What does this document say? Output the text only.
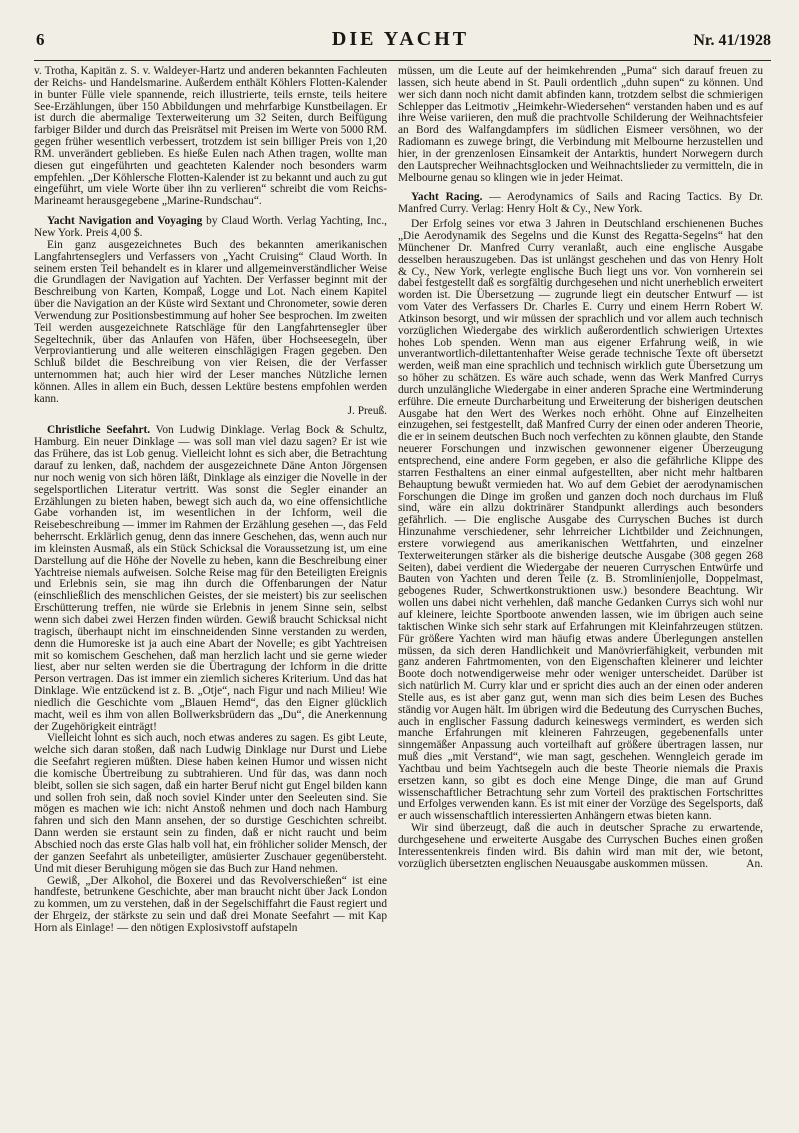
6	DIE YACHT	Nr. 41/1928

v. Trotha, Kapitän z. S. v. Waldeyer-Hartz und anderen bekannten Fachleuten der Reichs- und Handelsmarine. Außerdem enthält Köhlers Flotten-Kalender in bunter Fülle viele spannende, reich illustrierte, teils ernste, teils heitere See-Erzählungen, über 150 Abbildungen und mehrfarbige Kunstbeilagen. Er ist durch die abermalige Texterweiterung um 32 Seiten, durch Beifügung farbiger Bilder und durch das Preisrätsel mit Preisen im Werte von 5000 RM. gegen früher wesentlich verbessert, trotzdem ist sein billiger Preis von 1,20 RM. unverändert geblieben. Es hieße Eulen nach Athen tragen, wollte man diesen gut eingeführten und geachteten Kalender noch besonders warm empfehlen. „Der Köhlersche Flotten-Kalender ist zu bekannt und auch zu gut eingeführt, um viele Worte über ihn zu verlieren“ schreibt die vom Reichs-Marineamt herausgegebene „Marine-Rundschau“.

Yacht Navigation and Voyaging by Claud Worth. Verlag Yachting, Inc., New York. Preis 4,00 $.

Ein ganz ausgezeichnetes Buch des bekannten amerikanischen Langfahrtenseglers und Verfassers von „Yacht Cruising“ Claud Worth. In seinem ersten Teil behandelt es in klarer und allgemeinverständlicher Weise die Grundlagen der Navigation auf Yachten. Der Verfasser beginnt mit der Beschreibung von Karten, Kompaß, Logge und Lot. Nach einem Kapitel über die Navigation an der Küste wird Sextant und Chronometer, sowie deren Verwendung zur Positionsbestimmung auf hoher See besprochen. Im zweiten Teil werden ausgezeichnete Ratschläge für den Langfahrtensegler über Segeltechnik, über das Anlaufen von Häfen, über Hochseesegeln, über Verproviantierung und alle weiteren einschlägigen Fragen gegeben. Den Schluß bildet die Beschreibung von vier Reisen, die der Verfasser unternommen hat; auch hier wird der Leser manches Nützliche lernen können. Alles in allem ein Buch, dessen Lektüre bestens empfohlen werden kann.

J. Preuß.

Christliche Seefahrt. Von Ludwig Dinklage. Verlag Bock & Schultz, Hamburg. Ein neuer Dinklage — was soll man viel dazu sagen? Er ist wie das Frühere, das ist Lob genug. Vielleicht lohnt es sich aber, die Betrachtung darauf zu lenken, daß, nachdem der ausgezeichnete Däne Anton Jörgensen nur noch wenig von sich hören läßt, Dinklage als einziger die Novelle in der segelsportlichen Literatur vertritt. Was sonst die Segler einander an Erzählungen zu bieten haben, bewegt sich auch da, wo eine offensichtliche Gabe vorhanden ist, im wesentlichen in der Ichform, weil die Reisebeschreibung — immer im Rahmen der Erzählung gesehen —, das Feld beherrscht. Erklärlich genug, denn das innere Geschehen, das, wenn auch nur im kleinsten Ausmaß, als ein Stück Schicksal die Voraussetzung ist, um eine Darstellung auf die Höhe der Novelle zu heben, kann die Beschreibung einer Yachtreise niemals aufweisen. Solche Reise mag für den Beteiligten Ereignis und Erlebnis sein, sie mag ihn durch die Offenbarungen der Natur (einschließlich des menschlichen Geistes, der sie meistert) bis zur seelischen Erschütterung treffen, nie würde sie Erlebnis in jenem Sinne sein, selbst wenn sich dabei zwei Herzen finden würden. Gewiß braucht Schicksal nicht tragisch, überhaupt nicht im einschneidenden Sinne verstanden zu werden, denn die Humoreske ist ja auch eine Abart der Novelle; es gibt Yachtreisen mit so komischem Geschehen, daß man herzlich lacht und sie gerne wieder liest, aber nur selten werden sie die Übertragung der Ichform in die dritte Person vertragen. Das ist immer ein ziemlich sicheres Kriterium. Und das hat Dinklage. Wie entzückend ist z. B. „Otje“, nach Figur und nach Milieu! Wie niedlich die Geschichte vom „Blauen Hemd“, das den Eigner glücklich macht, weil es ihm von allen Bollwerksbrüdern das „Du“, die Anerkennung der Zugehörigkeit einträgt!

Vielleicht lohnt es sich auch, noch etwas anderes zu sagen. Es gibt Leute, welche sich daran stoßen, daß nach Ludwig Dinklage nur Durst und Liebe die Seefahrt regieren müßten. Diese haben keinen Humor und wissen nicht die komische Übertreibung zu subtrahieren. Und für das, was dann noch bleibt, sollen sie sich sagen, daß ein harter Beruf nicht gut Engel bilden kann und sollen froh sein, daß noch soviel Kinder unter den Seeleuten sind. Sie mögen es machen wie ich: nicht Anstoß nehmen und doch nach Hamburg fahren und sich den Mann ansehen, der so durstige Geschichten schreibt. Dann werden sie erstaunt sein zu finden, daß er nicht raucht und beim Abschied noch das erste Glas halb voll hat, ein fröhlicher solider Mensch, der der ganzen Seefahrt als unbeteiligter, amüsierter Zuschauer gegenübersteht. Und mit dieser Beruhigung mögen sie das Buch zur Hand nehmen.

Gewiß, „Der Alkohol, die Boxerei und das Revolverschießen“ ist eine handfeste, betrunkene Geschichte, aber man braucht nicht über Jack London zu kommen, um zu verstehen, daß in der Segelschiffahrt die Faust regiert und der Ehrgeiz, der stärkste zu sein und daß drei Monate Seefahrt — mit Kap Horn als Einlage! — den nötigen Explosivstoff aufstapeln

müssen, um die Leute auf der heimkehrenden „Puma“ sich darauf freuen zu lassen, sich heute abend in St. Pauli ordentlich „duhn supen“ zu können. Und wer sich dann noch nicht damit abfinden kann, trotzdem selbst die schmierigen Schlepper das Leitmotiv „Heimkehr-Wiedersehen“ verstanden haben und es auf ihre Weise variieren, den muß die prachtvolle Schilderung der Weihnachtsfeier an Bord des Walfangdampfers im südlichen Eismeer versöhnen, wo der Radiomann es zuwege bringt, die Verbindung mit Melbourne herzustellen und hier, in der grenzenlosen Einsamkeit der Antarktis, hundert Norwegern durch den Lautsprecher Weihnachtsglocken und Weihnachtslieder zu vermitteln, die in Melbourne genau so klingen wie in jeder Heimat.

Yacht Racing. — Aerodynamics of Sails and Racing Tactics. By Dr. Manfred Curry. Verlag: Henry Holt & Cy., New York.

Der Erfolg seines vor etwa 3 Jahren in Deutschland erschienenen Buches „Die Aerodynamik des Segelns und die Kunst des Regatta-Segelns“ hat den Münchener Dr. Manfred Curry veranlaßt, auch eine englische Ausgabe desselben herauszugeben. Das ist unlängst geschehen und das von Henry Holt & Cy., New York, verlegte englische Buch liegt uns vor. Von vornherein sei dabei festgestellt daß es sorgfältig durchgesehen und nicht unerheblich erweitert worden ist. Die Übersetzung — zugrunde liegt ein deutscher Entwurf — ist vom Vater des Verfassers Dr. Charles E. Curry und einem Herrn Robert W. Atkinson besorgt, und wir müssen der sprachlich und vor allem auch technisch vorzüglichen Wiedergabe des wirklich außerordentlich schwierigen Urtextes hohes Lob spenden. Wenn man aus eigener Erfahrung weiß, in wie unverantwortlich-dilettantenhafter Weise gerade technische Texte oft übersetzt werden, weiß man eine sprachlich und technisch wirklich gute Übersetzung um so höher zu schätzen. Es wäre auch schade, wenn das Werk Manfred Currys durch unzulängliche Wiedergabe in einer anderen Sprache eine Wertminderung erführe. Die erneute Durcharbeitung und Erweiterung der bisherigen deutschen Ausgabe hat den Wert des Werkes noch erhöht. Ohne auf Einzelheiten einzugehen, sei festgestellt, daß Manfred Curry der einen oder anderen Theorie, die er in seinem deutschen Buch noch verfechten zu können glaubte, den Stande neuerer Forschungen und inzwischen gewonnener eigener Überzeugung entsprechend, eine andere Form gegeben, er also die gefährliche Klippe des starren Festhaltens an einer einmal aufgestellten, aber nicht mehr haltbaren Behauptung bewußt vermieden hat. Wo auf dem Gebiet der aerodynamischen Forschungen die Dinge im großen und ganzen doch noch durchaus im Fluß sind, wäre ein allzu doktrinärer Standpunkt allerdings auch besonders gefährlich. — Die englische Ausgabe des Curryschen Buches ist durch Hinzunahme verschiedener, sehr lehrreicher Lichtbilder und Zeichnungen, erstere vorwiegend aus amerikanischen Wettfahrten, und einzelner Texterweiterungen stärker als die bisherige deutsche Ausgabe (308 gegen 268 Seiten), dabei verdient die Wiedergabe der neueren Curryschen Entwürfe und Bauten von Yachten und deren Teile (z. B. Stromlinienjolle, Doppelmast, gebogenes Ruder, Schwertkonstruktionen usw.) besondere Beachtung. Wir wollen uns dabei nicht verhehlen, daß manche Gedanken Currys sich wohl nur auf kleinere, leichte Sportboote anwenden lassen, wie im übrigen auch seine taktischen Winke sich sehr stark auf Erfahrungen mit Kleinfahrzeugen stützen. Für größere Yachten wird man häufig etwas andere Überlegungen anstellen müssen, da sich deren Handlichkeit und Manövrierfähigkeit, verbunden mit ganz anderen Fahrtmomenten, von den Eigenschaften kleinerer und leichter Boote doch notwendigerweise mehr oder weniger unterscheidet. Darüber ist sich natürlich M. Curry klar und er spricht dies auch an der einen oder anderen Stelle aus, es ist aber ganz gut, wenn man sich dies beim Lesen des Buches ständig vor Augen hält. Im übrigen wird die Bedeutung des Curryschen Buches, auch in englischer Fassung dadurch keineswegs vermindert, es werden sich manche Erfahrungen mit kleineren Fahrzeugen, gegebenenfalls unter sinngemäßer Anpassung auch vorteilhaft auf größere übertragen lassen, nur muß dies „mit Verstand“, wie man sagt, geschehen. Wenngleich gerade im Yachtbau und beim Yachtsegeln auch die beste Theorie niemals die Praxis ersetzen kann, so gibt es doch eine Menge Dinge, die man auf Grund wissenschaftlicher Betrachtung sehr zum Vorteil des praktischen Fortschrittes und Erfolges verwenden kann. Es ist mit einer der Vorzüge des Segelsports, daß er auch wissenschaftlich interessierten Anhängern etwas bieten kann.

Wir sind überzeugt, daß die auch in deutscher Sprache zu erwartende, durchgesehene und erweiterte Ausgabe des Curryschen Buches einen großen Interessentenkreis finden wird. Bis dahin wird man mit der, wie betont, vorzüglich übersetzten englischen Neuausgabe auskommen müssen.	An.
